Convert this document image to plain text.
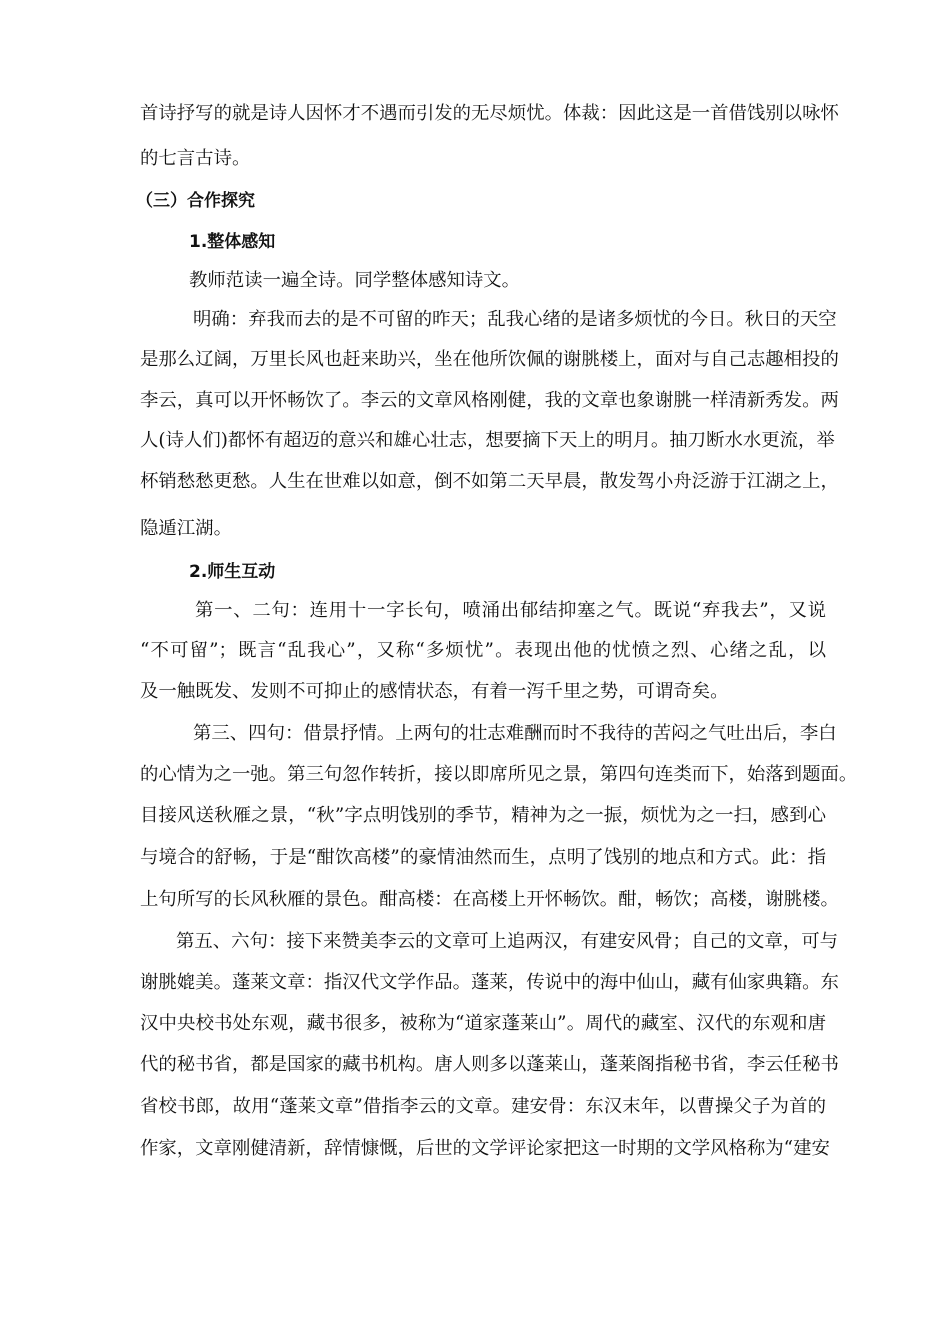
首诗抒写的就是诗人因怀才不遇而引发的无尽烦忧。体裁：因此这是一首借饯别以咏怀
的七言古诗。
（三）合作探究
1.整体感知
教师范读一遍全诗。同学整体感知诗文。
明确：弃我而去的是不可留的昨天；乱我心绪的是诸多烦忧的今日。秋日的天空
是那么辽阔，万里长风也赶来助兴，坐在他所饮佩的谢朓楼上，面对与自己志趣相投的
李云，真可以开怀畅饮了。李云的文章风格刚健，我的文章也象谢朓一样清新秀发。两
人(诗人们)都怀有超迈的意兴和雄心壮志，想要摘下天上的明月。抽刀断水水更流，举
杯销愁愁更愁。人生在世难以如意，倒不如第二天早晨，散发驾小舟泛游于江湖之上，
隐遁江湖。
2.师生互动
第一、二句：连用十一字长句，喷涌出郁结抑塞之气。既说“弃我去”，又说
“不可留”；既言“乱我心”，又称“多烦忧”。表现出他的忧愤之烈、心绪之乱，以
及一触既发、发则不可抑止的感情状态，有着一泻千里之势，可谓奇矣。
第三、四句：借景抒情。上两句的壮志难酬而时不我待的苦闷之气吐出后，李白
的心情为之一弛。第三句忽作转折，接以即席所见之景，第四句连类而下，始落到题面。
目接风送秋雁之景，“秋”字点明饯别的季节，精神为之一振，烦忧为之一扫，感到心
与境合的舒畅，于是“酣饮高楼”的豪情油然而生，点明了饯别的地点和方式。此：指
上句所写的长风秋雁的景色。酣高楼：在高楼上开怀畅饮。酣，畅饮；高楼，谢朓楼。
第五、六句：接下来赞美李云的文章可上追两汉，有建安风骨；自己的文章，可与
谢朓媲美。蓬莱文章：指汉代文学作品。蓬莱，传说中的海中仙山，藏有仙家典籍。东
汉中央校书处东观，藏书很多，被称为“道家蓬莱山”。周代的藏室、汉代的东观和唐
代的秘书省，都是国家的藏书机构。唐人则多以蓬莱山，蓬莱阁指秘书省，李云任秘书
省校书郎，故用“蓬莱文章”借指李云的文章。建安骨：东汉末年，以曹操父子为首的
作家，文章刚健清新，辞情慷慨，后世的文学评论家把这一时期的文学风格称为“建安
